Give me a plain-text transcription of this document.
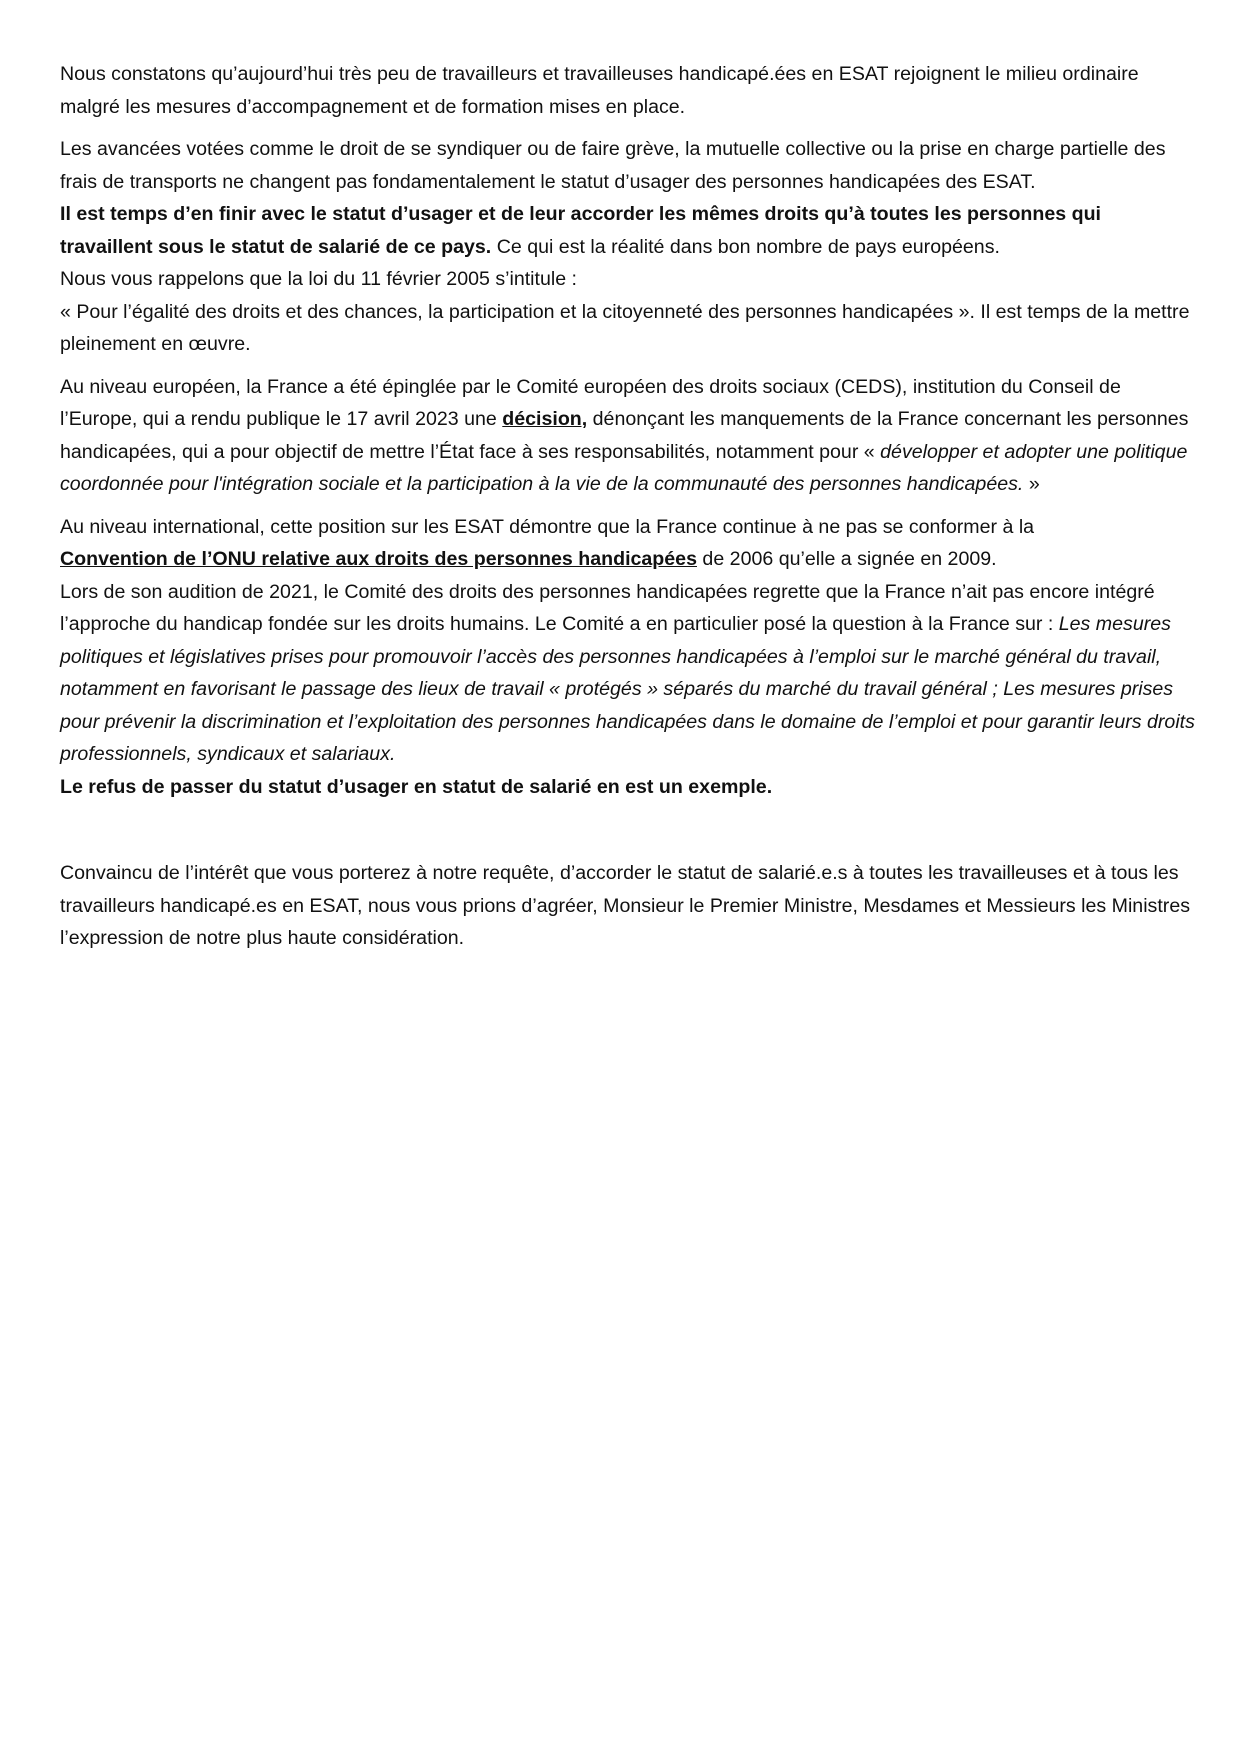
Nous constatons qu’aujourd’hui très peu de travailleurs et travailleuses handicapé.ées en ESAT rejoignent le milieu ordinaire malgré les mesures d’accompagnement et de formation mises en place.

Les avancées votées comme le droit de se syndiquer ou de faire grève, la mutuelle collective ou la prise en charge partielle des frais de transports ne changent pas fondamentalement le statut d’usager des personnes handicapées des ESAT.
Il est temps d’en finir avec le statut d’usager et de leur accorder les mêmes droits qu’à toutes les personnes qui travaillent sous le statut de salarié de ce pays. Ce qui est la réalité dans bon nombre de pays européens.
Nous vous rappelons que la loi du 11 février 2005 s’intitule :
« Pour l’égalité des droits et des chances, la participation et la citoyenneté des personnes handicapées ». Il est temps de la mettre pleinement en œuvre.

Au niveau européen, la France a été épinglée par le Comité européen des droits sociaux (CEDS), institution du Conseil de l’Europe, qui a rendu publique le 17 avril 2023 une décision, dénonçant les manquements de la France concernant les personnes handicapées, qui a pour objectif de mettre l’État face à ses responsabilités, notamment pour « développer et adopter une politique coordonnée pour l'intégration sociale et la participation à la vie de la communauté des personnes handicapées. »

Au niveau international, cette position sur les ESAT démontre que la France continue à ne pas se conformer à la
Convention de l’ONU relative aux droits des personnes handicapées de 2006 qu’elle a signée en 2009.
Lors de son audition de 2021, le Comité des droits des personnes handicapées regrette que la France n’ait pas encore intégré l’approche du handicap fondée sur les droits humains. Le Comité a en particulier posé la question à la France sur : Les mesures politiques et législatives prises pour promouvoir l’accès des personnes handicapées à l’emploi sur le marché général du travail, notamment en favorisant le passage des lieux de travail « protégés » séparés du marché du travail général ; Les mesures prises pour prévenir la discrimination et l’exploitation des personnes handicapées dans le domaine de l’emploi et pour garantir leurs droits professionnels, syndicaux et salariaux.
Le refus de passer du statut d’usager en statut de salarié en est un exemple.

Convaincu de l’intérêt que vous porterez à notre requête, d’accorder le statut de salarié.e.s à toutes les travailleuses et à tous les travailleurs handicapé.es en ESAT, nous vous prions d’agréer, Monsieur le Premier Ministre, Mesdames et Messieurs les Ministres l’expression de notre plus haute considération.
